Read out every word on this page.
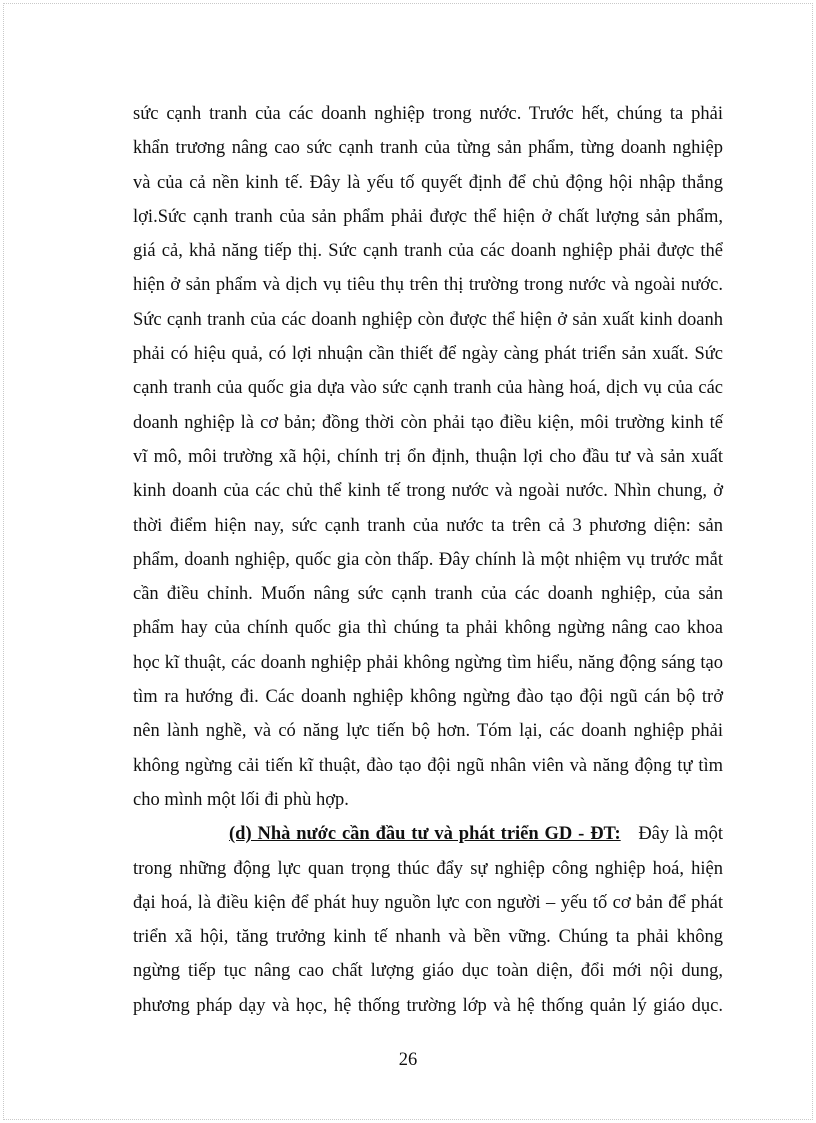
sức cạnh tranh của các doanh nghiệp trong nước. Trước hết, chúng ta phải
khẩn trương nâng cao sức cạnh tranh của từng sản phẩm, từng doanh nghiệp
và của cả nền kinh tế. Đây là yếu tố quyết định để chủ động hội nhập thắng
lợi.Sức cạnh tranh của sản phẩm phải được thể hiện ở chất lượng sản phẩm,
giá cả, khả năng tiếp thị. Sức cạnh tranh của các doanh nghiệp phải được thể
hiện ở sản phẩm và dịch vụ tiêu thụ trên thị trường trong nước và ngoài nước.
Sức cạnh tranh của các doanh nghiệp còn được thể hiện ở sản xuất kinh doanh
phải có hiệu quả, có lợi nhuận cần thiết để ngày càng phát triển sản xuất. Sức
cạnh tranh của quốc gia dựa vào sức cạnh tranh của hàng hoá, dịch vụ của các
doanh nghiệp là cơ bản; đồng thời còn phải tạo điều kiện, môi trường kinh tế
vĩ mô, môi trường xã hội, chính trị ổn định, thuận lợi cho đầu tư và sản xuất
kinh doanh của các chủ thể kinh tế trong nước và ngoài nước. Nhìn chung, ở
thời điểm hiện nay, sức cạnh tranh của nước ta trên cả 3 phương diện: sản
phẩm, doanh nghiệp, quốc gia còn thấp. Đây chính là một nhiệm vụ trước mắt
cần điều chỉnh. Muốn nâng sức cạnh tranh của các doanh nghiệp, của sản
phẩm hay của chính quốc gia thì chúng ta phải không ngừng nâng cao khoa
học kĩ thuật, các doanh nghiệp phải không ngừng tìm hiểu, năng động sáng tạo
tìm ra hướng đi. Các doanh nghiệp không ngừng đào tạo đội ngũ cán bộ trở
nên lành nghề, và có năng lực tiến bộ hơn. Tóm lại, các doanh nghiệp phải
không ngừng cải tiến kĩ thuật, đào tạo đội ngũ nhân viên và năng động tự tìm
cho mình một lối đi phù hợp.
(d) Nhà nước cần đầu tư và phát triển GD - ĐT: Đây là một
trong những động lực quan trọng thúc đẩy sự nghiệp công nghiệp hoá, hiện
đại hoá, là điều kiện để phát huy nguồn lực con người – yếu tố cơ bản để phát
triển xã hội, tăng trưởng kinh tế nhanh và bền vững. Chúng ta phải không
ngừng tiếp tục nâng cao chất lượng giáo dục toàn diện, đổi mới nội dung,
phương pháp dạy và học, hệ thống trường lớp và hệ thống quản lý giáo dục.
26
